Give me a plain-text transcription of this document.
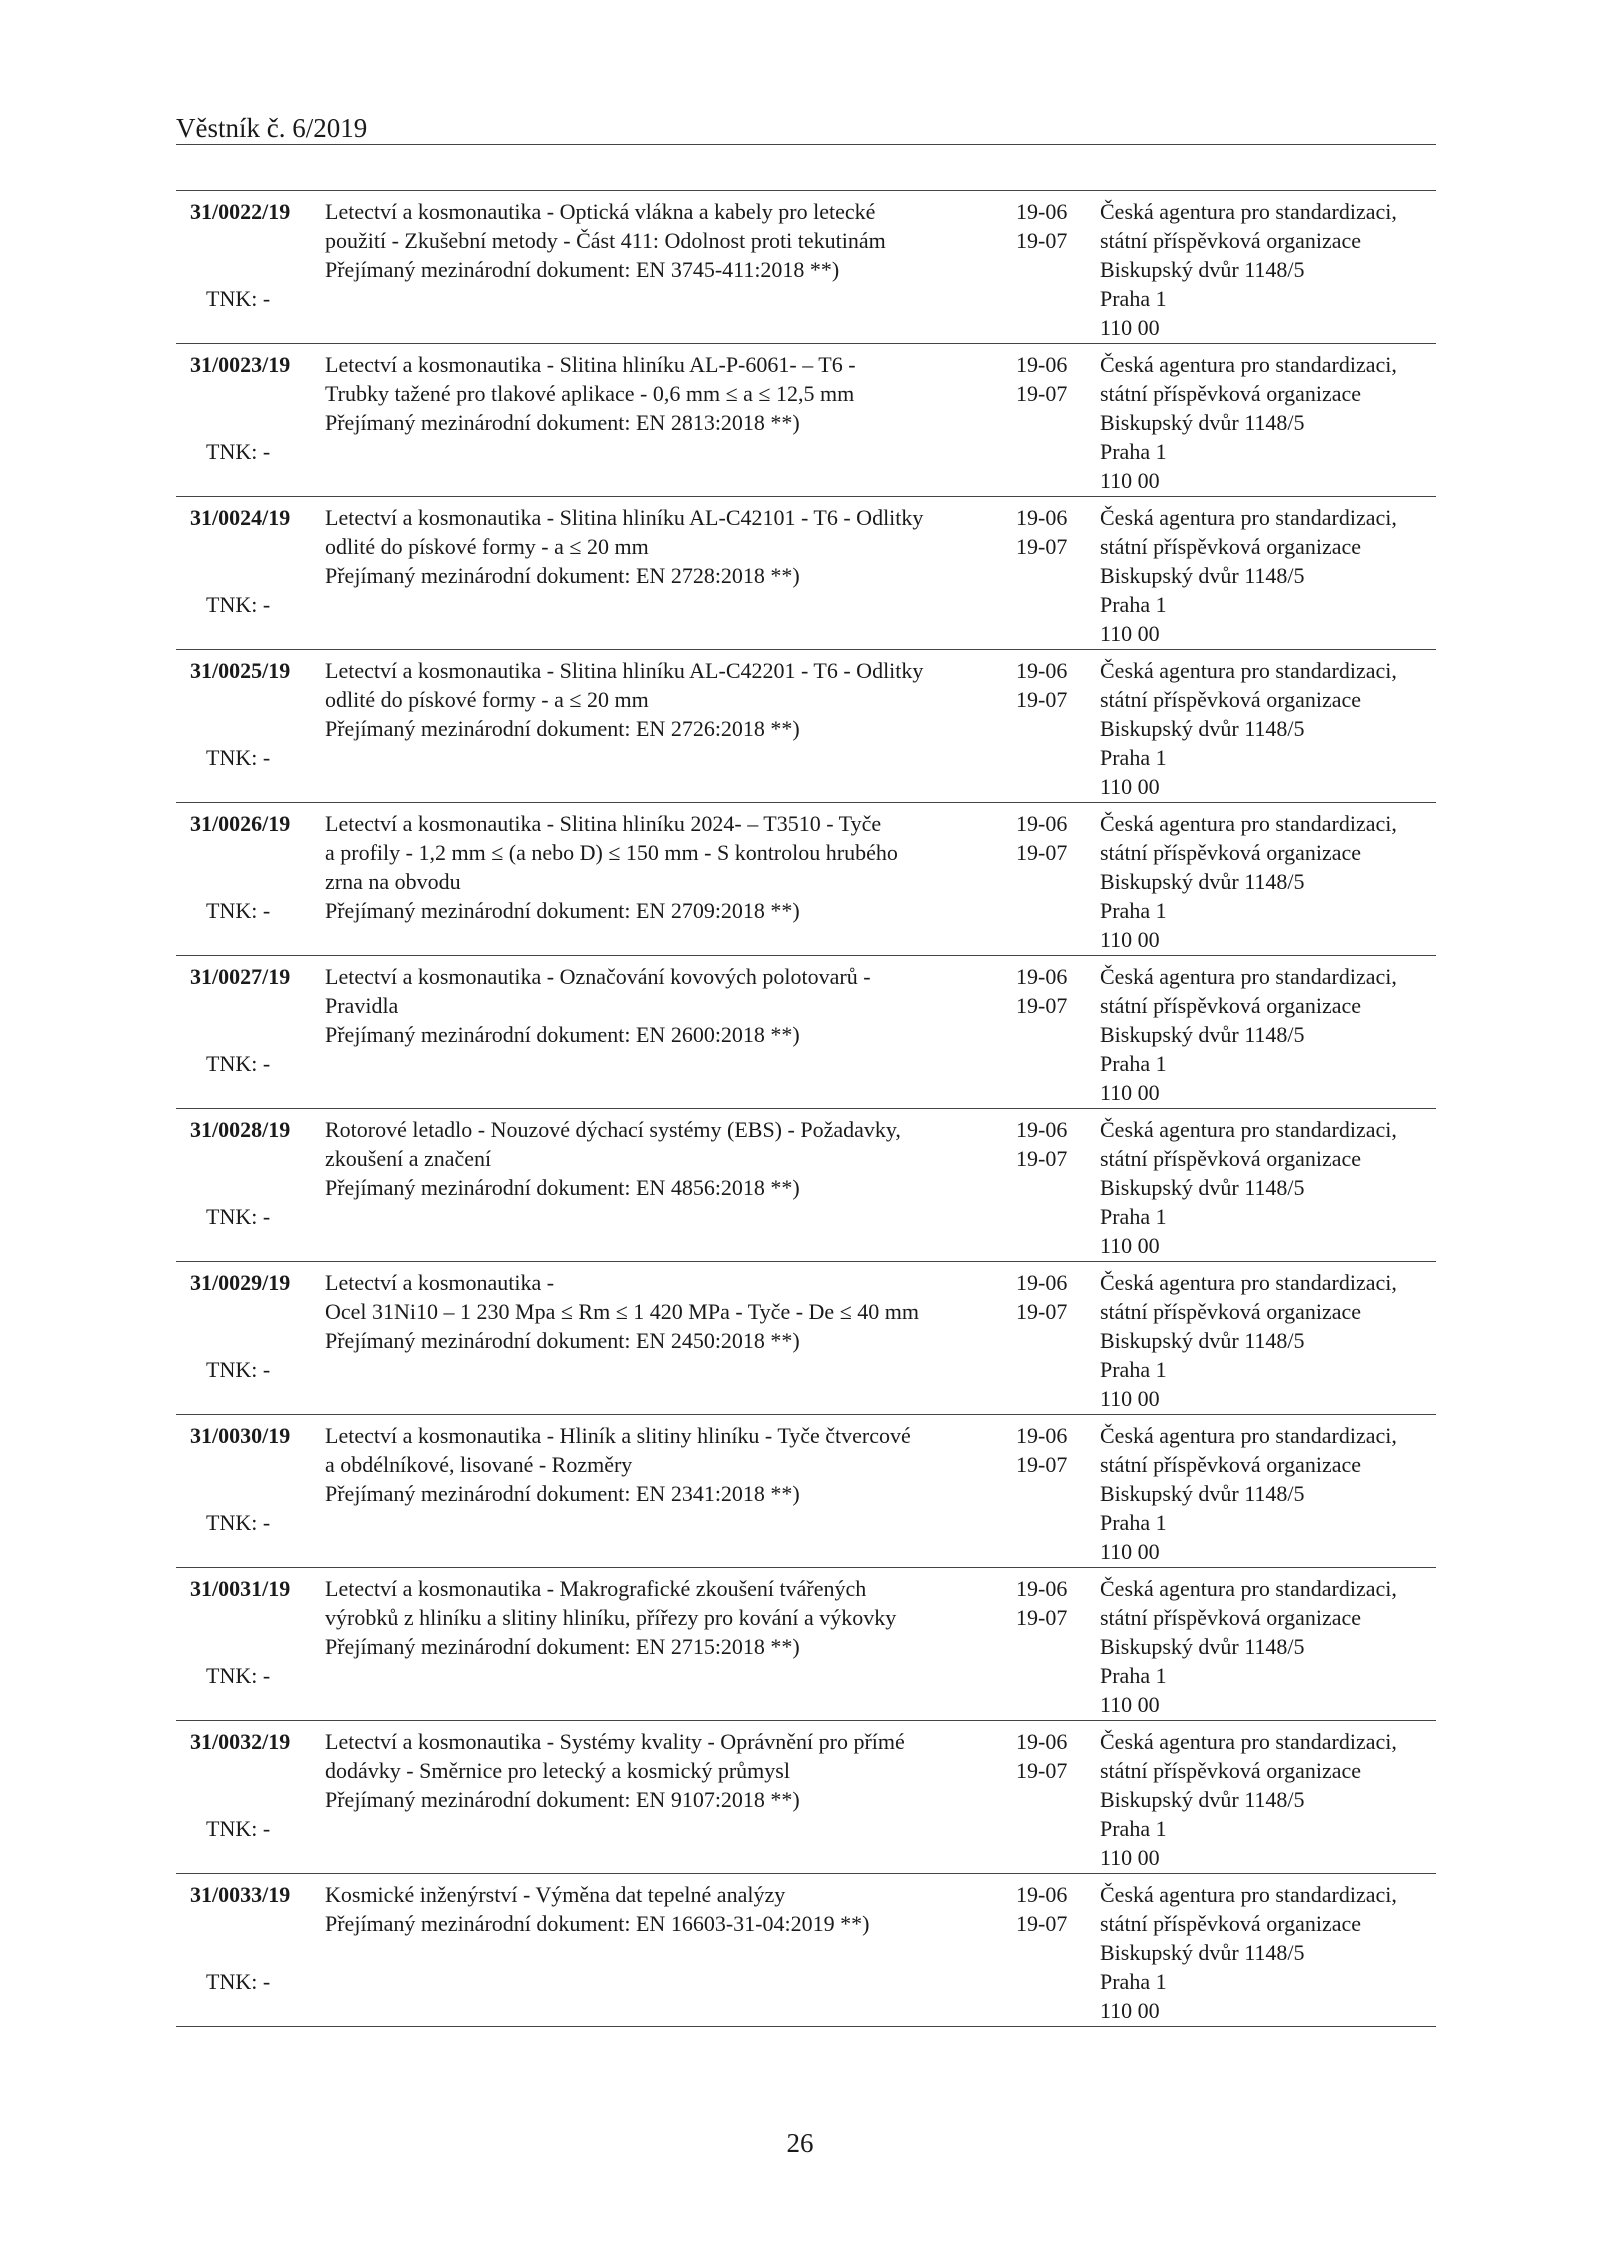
Věstník č. 6/2019
31/0022/19
TNK: -
Letectví a kosmonautika - Optická vlákna a kabely pro letecké
použití - Zkušební metody - Část 411: Odolnost proti tekutinám
Přejímaný mezinárodní dokument: EN 3745-411:2018 **)
19-06
19-07
Česká agentura pro standardizaci,
státní příspěvková organizace
Biskupský dvůr 1148/5
Praha 1
110 00
31/0023/19
TNK: -
Letectví a kosmonautika - Slitina hliníku AL-P-6061- – T6 -
Trubky tažené pro tlakové aplikace - 0,6 mm ≤ a ≤ 12,5 mm
Přejímaný mezinárodní dokument: EN 2813:2018 **)
19-06
19-07
Česká agentura pro standardizaci,
státní příspěvková organizace
Biskupský dvůr 1148/5
Praha 1
110 00
31/0024/19
TNK: -
Letectví a kosmonautika - Slitina hliníku AL-C42101 - T6 - Odlitky
odlité do pískové formy - a ≤ 20 mm
Přejímaný mezinárodní dokument: EN 2728:2018 **)
19-06
19-07
Česká agentura pro standardizaci,
státní příspěvková organizace
Biskupský dvůr 1148/5
Praha 1
110 00
31/0025/19
TNK: -
Letectví a kosmonautika - Slitina hliníku AL-C42201 - T6 - Odlitky
odlité do pískové formy - a ≤ 20 mm
Přejímaný mezinárodní dokument: EN 2726:2018 **)
19-06
19-07
Česká agentura pro standardizaci,
státní příspěvková organizace
Biskupský dvůr 1148/5
Praha 1
110 00
31/0026/19
TNK: -
Letectví a kosmonautika - Slitina hliníku 2024- – T3510 - Tyče
a profily - 1,2 mm ≤ (a nebo D) ≤ 150 mm - S kontrolou hrubého
zrna na obvodu
Přejímaný mezinárodní dokument: EN 2709:2018 **)
19-06
19-07
Česká agentura pro standardizaci,
státní příspěvková organizace
Biskupský dvůr 1148/5
Praha 1
110 00
31/0027/19
TNK: -
Letectví a kosmonautika - Označování kovových polotovarů -
Pravidla
Přejímaný mezinárodní dokument: EN 2600:2018 **)
19-06
19-07
Česká agentura pro standardizaci,
státní příspěvková organizace
Biskupský dvůr 1148/5
Praha 1
110 00
31/0028/19
TNK: -
Rotorové letadlo - Nouzové dýchací systémy (EBS) - Požadavky,
zkoušení a značení
Přejímaný mezinárodní dokument: EN 4856:2018 **)
19-06
19-07
Česká agentura pro standardizaci,
státní příspěvková organizace
Biskupský dvůr 1148/5
Praha 1
110 00
31/0029/19
TNK: -
Letectví a kosmonautika -
Ocel 31Ni10 – 1 230 Mpa ≤ Rm ≤ 1 420 MPa - Tyče - De ≤ 40 mm
Přejímaný mezinárodní dokument: EN 2450:2018 **)
19-06
19-07
Česká agentura pro standardizaci,
státní příspěvková organizace
Biskupský dvůr 1148/5
Praha 1
110 00
31/0030/19
TNK: -
Letectví a kosmonautika - Hliník a slitiny hliníku - Tyče čtvercové
a obdélníkové, lisované - Rozměry
Přejímaný mezinárodní dokument: EN 2341:2018 **)
19-06
19-07
Česká agentura pro standardizaci,
státní příspěvková organizace
Biskupský dvůr 1148/5
Praha 1
110 00
31/0031/19
TNK: -
Letectví a kosmonautika - Makrografické zkoušení tvářených
výrobků z hliníku a slitiny hliníku, přířezy pro kování a výkovky
Přejímaný mezinárodní dokument: EN 2715:2018 **)
19-06
19-07
Česká agentura pro standardizaci,
státní příspěvková organizace
Biskupský dvůr 1148/5
Praha 1
110 00
31/0032/19
TNK: -
Letectví a kosmonautika - Systémy kvality - Oprávnění pro přímé
dodávky - Směrnice pro letecký a kosmický průmysl
Přejímaný mezinárodní dokument: EN 9107:2018 **)
19-06
19-07
Česká agentura pro standardizaci,
státní příspěvková organizace
Biskupský dvůr 1148/5
Praha 1
110 00
31/0033/19
TNK: -
Kosmické inženýrství - Výměna dat tepelné analýzy
Přejímaný mezinárodní dokument: EN 16603-31-04:2019 **)
19-06
19-07
Česká agentura pro standardizaci,
státní příspěvková organizace
Biskupský dvůr 1148/5
Praha 1
110 00
26
